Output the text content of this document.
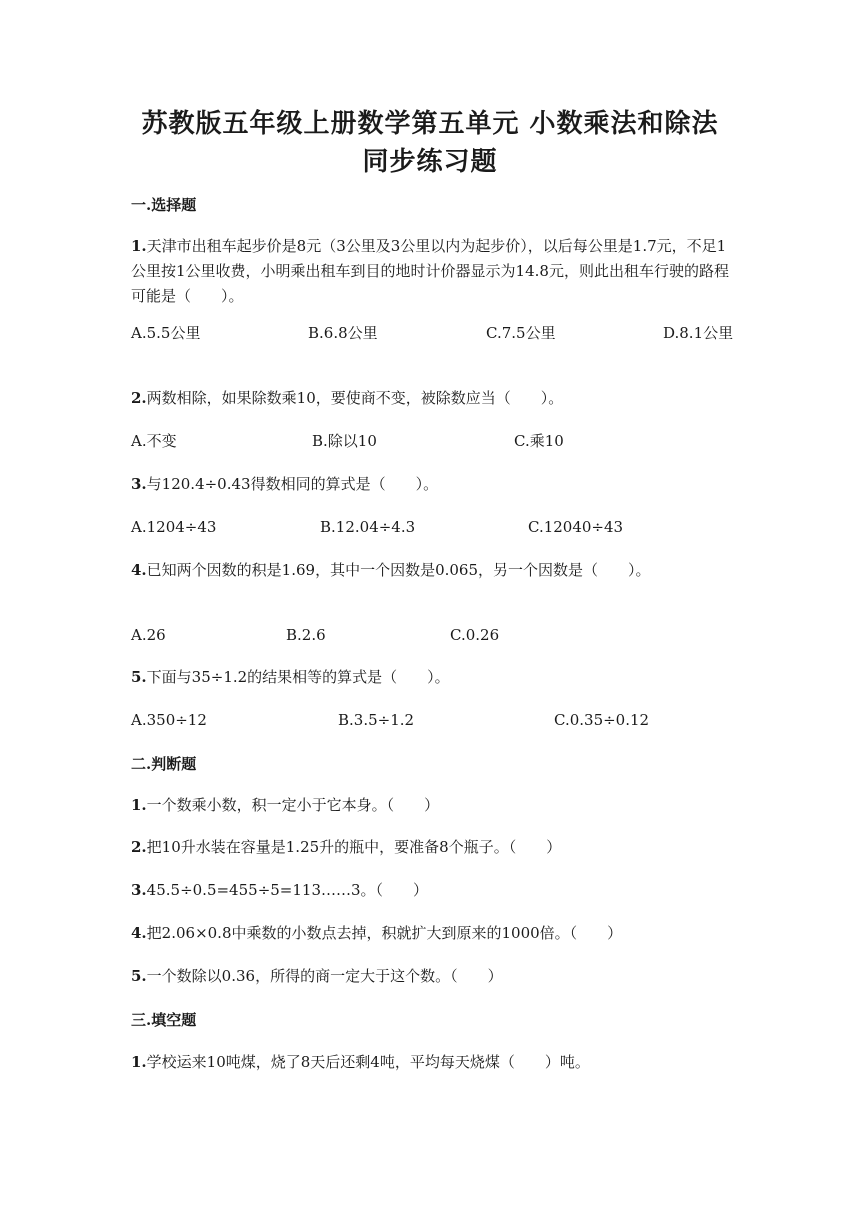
苏教版五年级上册数学第五单元 小数乘法和除法
同步练习题
一.选择题
1.天津市出租车起步价是8元（3公里及3公里以内为起步价），以后每公里是1.7元，不足1公里按1公里收费，小明乘出租车到目的地时计价器显示为14.8元，则此出租车行驶的路程可能是（　　）。
A.5.5公里	B.6.8公里	C.7.5公里	D.8.1公里
2.两数相除，如果除数乘10，要使商不变，被除数应当（　　）。
A.不变	B.除以10	C.乘10
3.与120.4÷0.43得数相同的算式是（　　）。
A.1204÷43	B.12.04÷4.3	C.12040÷43
4.已知两个因数的积是1.69，其中一个因数是0.065，另一个因数是（　　）。
A.26	B.2.6	C.0.26
5.下面与35÷1.2的结果相等的算式是（　　）。
A.350÷12	B.3.5÷1.2	C.0.35÷0.12
二.判断题
1.一个数乘小数，积一定小于它本身。（　　）
2.把10升水装在容量是1.25升的瓶中，要准备8个瓶子。（　　）
3.45.5÷0.5=455÷5=113……3。（　　）
4.把2.06×0.8中乘数的小数点去掉，积就扩大到原来的1000倍。（　　）
5.一个数除以0.36，所得的商一定大于这个数。（　　）
三.填空题
1.学校运来10吨煤，烧了8天后还剩4吨，平均每天烧煤（　　）吨。
